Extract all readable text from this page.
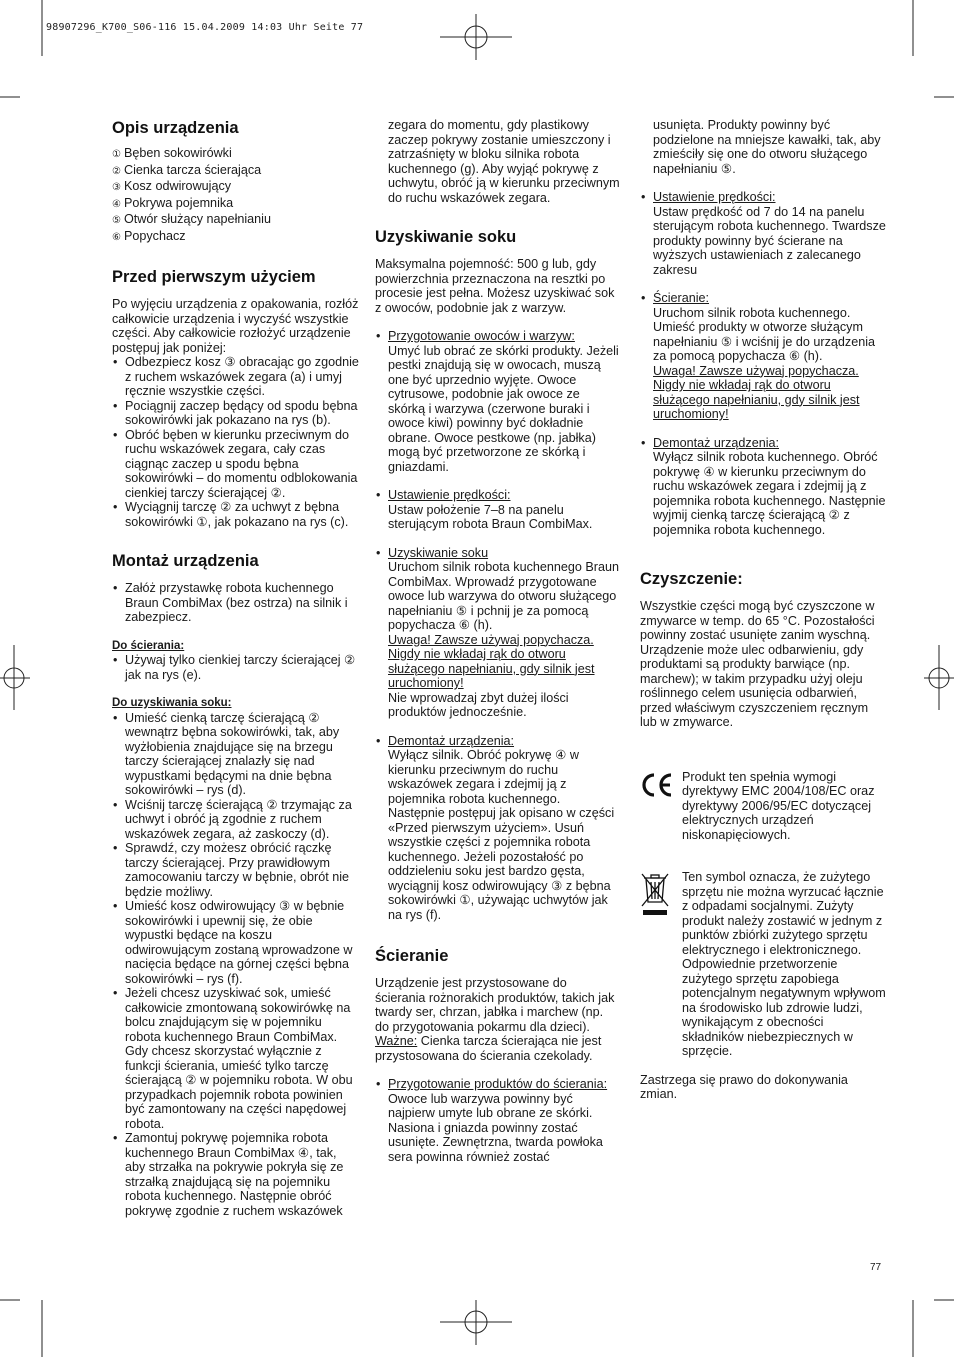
98907296_K700_S06-116 15.04.2009 14:03 Uhr Seite 77
Opis urządzenia
① Bęben sokowirówki
② Cienka tarcza ścierająca
③ Kosz odwirowujący
④ Pokrywa pojemnika
⑤ Otwór służący napełnianiu
⑥ Popychacz
Przed pierwszym użyciem

Po wyjęciu urządzenia z opakowania, rozłóż całkowicie urządzenia i wyczyść wszystkie części. Aby całkowicie rozłożyć urządzenie postępuj jak poniżej:

• Odbezpiecz kosz ③ obracając go zgodnie z ruchem wskazówek zegara (a) i umyj ręcznie wszystkie części.
• Pociągnij zaczep będący od spodu bębna sokowirówki jak pokazano na rys (b).
• Obróć bęben w kierunku przeciwnym do ruchu wskazówek zegara, cały czas ciągnąc zaczep u spodu bębna sokowirówki – do momentu odblokowania cienkiej tarczy ścierającej ②.
• Wyciągnij tarczę ② za uchwyt z bębna sokowirówki ①, jak pokazano na rys (c).
Montaż urządzenia
• Załóż przystawkę robota kuchennego Braun CombiMax (bez ostrza) na silnik i zabezpiecz.
Do ścierania:
• Używaj tylko cienkiej tarczy ścierającej ② jak na rys (e).
Do uzyskiwania soku:
• Umieść cienką tarczę ścierającą ② wewnątrz bębna sokowirówki, tak, aby wyżłobienia znajdujące się na brzegu tarczy ścierającej znalazły się nad wypustkami będącymi na dnie bębna sokowirówki – rys (d).
• Wciśnij tarczę ścierającą ② trzymając za uchwyt i obróć ją zgodnie z ruchem wskazówek zegara, aż zaskoczy (d).
• Sprawdź, czy możesz obrócić rączkę tarczy ścierającej. Przy prawidłowym zamocowaniu tarczy w bębnie, obrót nie będzie możliwy.
• Umieść kosz odwirowujący ③ w bębnie sokowirówki i upewnij się, że obie wypustki będące na koszu odwirowującym zostaną wprowadzone w nacięcia będące na górnej części bębna sokowirówki – rys (f).
• Jeżeli chcesz uzyskiwać sok, umieść całkowicie zmontowaną sokowirówkę na bolcu znajdującym się w pojemniku robota kuchennego Braun CombiMax. Gdy chcesz skorzystać wyłącznie z funkcji ścierania, umieść tylko tarczę ścierającą ② w pojemniku robota. W obu przypadkach pojemnik robota powinien być zamontowany na części napędowej robota.
• Zamontuj pokrywę pojemnika robota kuchennego Braun CombiMax ④, tak, aby strzałka na pokrywie pokryła się ze strzałką znajdującą się na pojemniku robota kuchennego. Następnie obróć pokrywę zgodnie z ruchem wskazówek

zegara do momentu, gdy plastikowy zaczep pokrywy zostanie umieszczony i zatrzaśnięty w bloku silnika robota kuchennego (g). Aby wyjąć pokrywę z uchwytu, obróć ją w kierunku przeciwnym do ruchu wskazówek zegara.

Uzyskiwanie soku

Maksymalna pojemność: 500 g lub, gdy powierzchnia przeznaczona na resztki po procesie jest pełna. Możesz uzyskiwać sok z owoców, podobnie jak z warzyw.

• Przygotowanie owoców i warzyw:
Umyć lub obrać ze skórki produkty. Jeżeli pestki znajdują się w owocach, muszą one być uprzednio wyjęte. Owoce cytrusowe, podobnie jak owoce ze skórką i warzywa (czerwone buraki i owoce kiwi) powinny być dokładnie obrane. Owoce pestkowe (np. jabłka) mogą być przetworzone ze skórką i gniazdami.
• Ustawienie prędkości:
Ustaw położenie 7–8 na panelu sterującym robota Braun CombiMax.
• Uzyskiwanie soku
Uruchom silnik robota kuchennego Braun CombiMax. Wprowadź przygotowane owoce lub warzywa do otworu służącego napełnianiu ⑤ i pchnij je za pomocą popychacza ⑥ (h).
Uwaga! Zawsze używaj popychacza. Nigdy nie wkładaj rąk do otworu służącego napełnianiu, gdy silnik jest uruchomiony!
Nie wprowadzaj zbyt dużej ilości produktów jednocześnie.
• Demontaż urządzenia:
Wyłącz silnik. Obróć pokrywę ④ w kierunku przeciwnym do ruchu wskazówek zegara i zdejmij ją z pojemnika robota kuchennego. Następnie postępuj jak opisano w części «Przed pierwszym użyciem». Usuń wszystkie części z pojemnika robota kuchennego. Jeżeli pozostałość po oddzieleniu soku jest bardzo gęsta, wyciągnij kosz odwirowujący ③ z bębna sokowirówki ①, używając uchwytów jak na rys (f).
Ścieranie

Urządzenie jest przystosowane do ścierania rożnorakich produktów, takich jak twardy ser, chrzan, jabłka i marchew (np. do przygotowania pokarmu dla dzieci).

Ważne: Cienka tarcza ścierająca nie jest przystosowana do ścierania czekolady.

• Przygotowanie produktów do ścierania:
Owoce lub warzywa powinny być najpierw umyte lub obrane ze skórki. Nasiona i gniazda powinny zostać usunięte. Zewnętrzna, twarda powłoka sera powinna również zostać

usunięta. Produkty powinny być podzielone na mniejsze kawałki, tak, aby zmieściły się one do otworu służącego napełnianiu ⑤.

• Ustawienie prędkości:
Ustaw prędkość od 7 do 14 na panelu sterującym robota kuchennego. Twardsze produkty powinny być ścierane na wyższych ustawieniach z zalecanego zakresu
• Ścieranie:
Uruchom silnik robota kuchennego. Umieść produkty w otworze służącym napełnianiu ⑤ i wciśnij je do urządzenia za pomocą popychacza ⑥ (h).
Uwaga! Zawsze używaj popychacza. Nigdy nie wkładaj rąk do otworu służącego napełnianiu, gdy silnik jest uruchomiony!
• Demontaż urządzenia:
Wyłącz silnik robota kuchennego. Obróć pokrywę ④ w kierunku przeciwnym do ruchu wskazówek zegara i zdejmij ją z pojemnika robota kuchennego. Następnie wyjmij cienką tarczę ścierającą ② z pojemnika robota kuchennego.
Czyszczenie:

Wszystkie części mogą być czyszczone w zmywarce w temp. do 65 °C. Pozostałości powinny zostać usunięte zanim wyschną. Urządzenie może ulec odbarwieniu, gdy produktami są produkty barwiące (np. marchew); w takim przypadku użyj oleju roślinnego celem usunięcia odbarwień, przed właściwym czyszczeniem ręcznym lub w zmywarce.

Produkt ten spełnia wymogi dyrektywy EMC 2004/108/EC oraz dyrektywy 2006/95/EC dotyczącej elektrycznych urządzeń niskonapięciowych.

Ten symbol oznacza, że zużytego sprzętu nie można wyrzucać łącznie z odpadami socjalnymi. Zużyty produkt należy zostawić w jednym z punktów zbiórki zużytego sprzętu elektrycznego i elektronicznego. Odpowiednie przetworzenie zużytego sprzętu zapobiega potencjalnym negatywnym wpływom na środowisko lub zdrowie ludzi, wynikającym z obecności składników niebezpiecznych w sprzęcie.

Zastrzega się prawo do dokonywania zmian.

77
